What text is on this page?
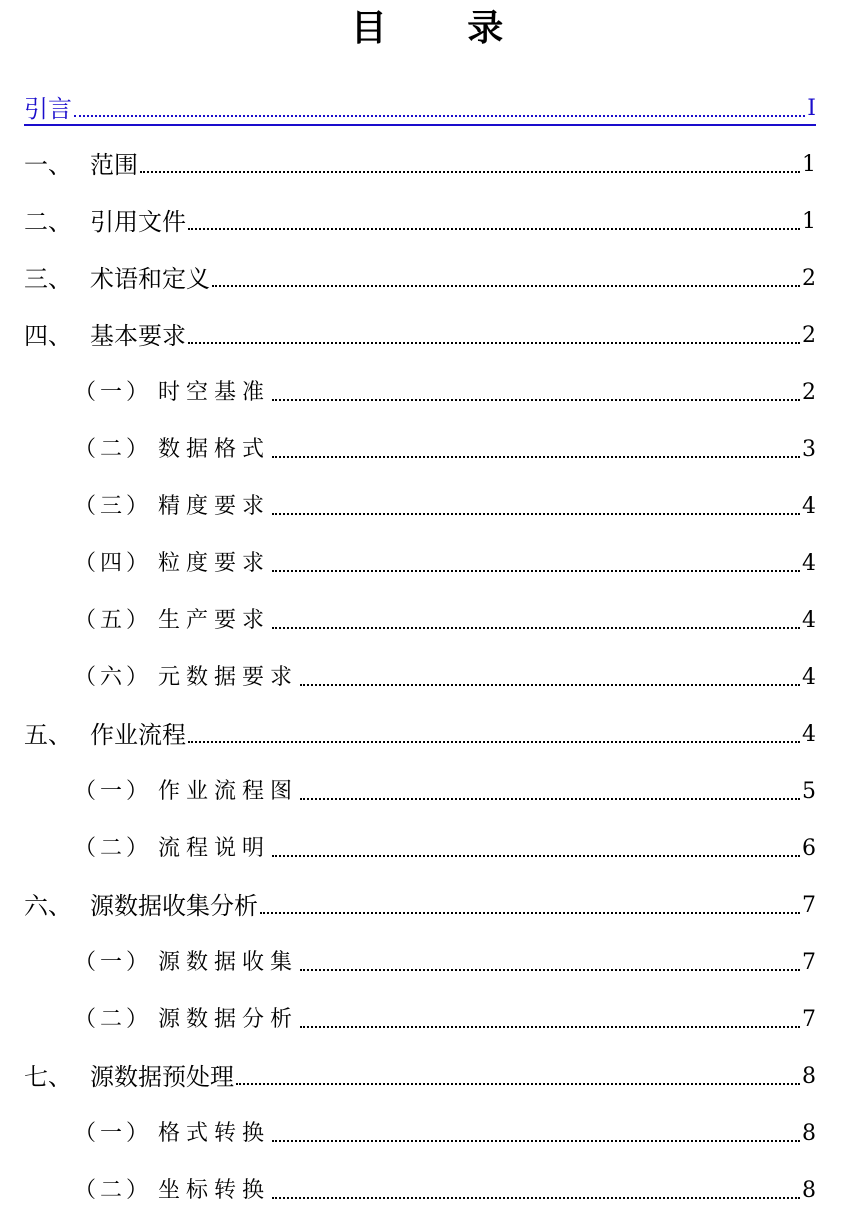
目 录
引言	I
一、 范围	1
二、 引用文件	1
三、 术语和定义	2
四、 基本要求	2
（一） 时空基准	2
（二） 数据格式	3
（三） 精度要求	4
（四） 粒度要求	4
（五） 生产要求	4
（六） 元数据要求	4
五、 作业流程	4
（一） 作业流程图	5
（二） 流程说明	6
六、 源数据收集分析	7
（一） 源数据收集	7
（二） 源数据分析	7
七、 源数据预处理	8
（一） 格式转换	8
（二） 坐标转换	8
